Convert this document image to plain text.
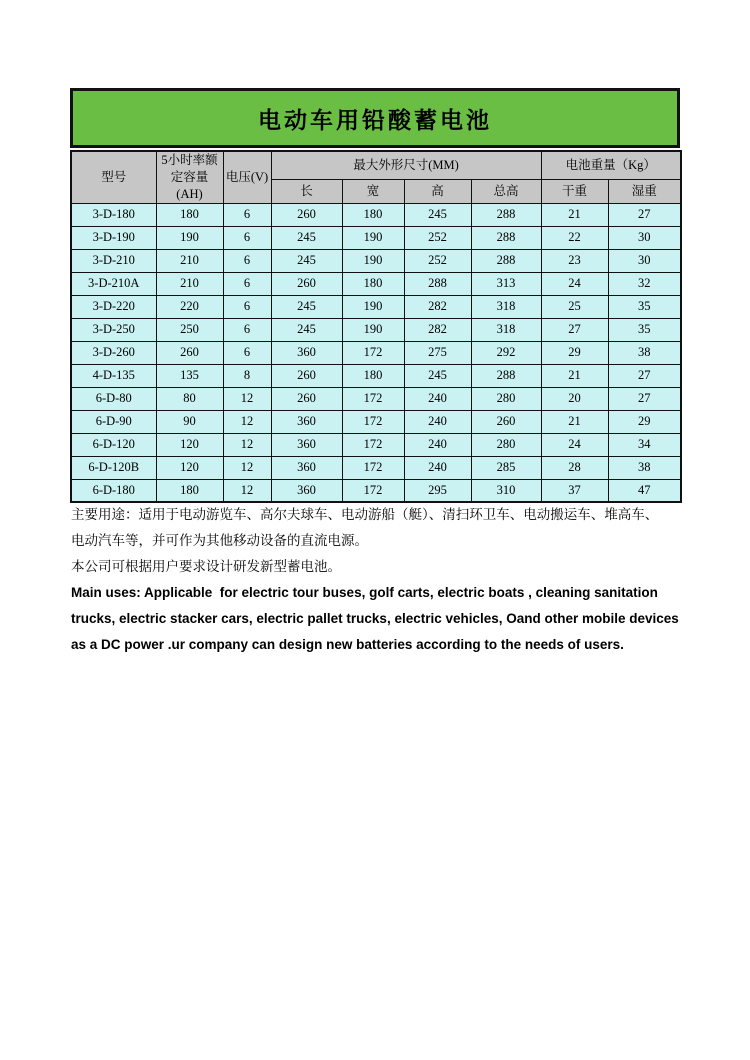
电动车用铅酸蓄电池
型号	5小时率额定容量(AH)	电压(V)	最大外形尺寸(MM)				电池重量（Kg）	
			长	宽	高	总高	干重	湿重
3-D-180	180	6	260	180	245	288	21	27
3-D-190	190	6	245	190	252	288	22	30
3-D-210	210	6	245	190	252	288	23	30
3-D-210A	210	6	260	180	288	313	24	32
3-D-220	220	6	245	190	282	318	25	35
3-D-250	250	6	245	190	282	318	27	35
3-D-260	260	6	360	172	275	292	29	38
4-D-135	135	8	260	180	245	288	21	27
6-D-80	80	12	260	172	240	280	20	27
6-D-90	90	12	360	172	240	260	21	29
6-D-120	120	12	360	172	240	280	24	34
6-D-120B	120	12	360	172	240	285	28	38
6-D-180	180	12	360	172	295	310	37	47
主要用途：适用于电动游览车、高尔夫球车、电动游船（艇）、清扫环卫车、电动搬运车、堆高车、
电动汽车等，并可作为其他移动设备的直流电源。
本公司可根据用户要求设计研发新型蓄电池。
Main uses: Applicable  for electric tour buses, golf carts, electric boats , cleaning sanitation
trucks, electric stacker cars, electric pallet trucks, electric vehicles, Oand other mobile devices
as a DC power .ur company can design new batteries according to the needs of users.
